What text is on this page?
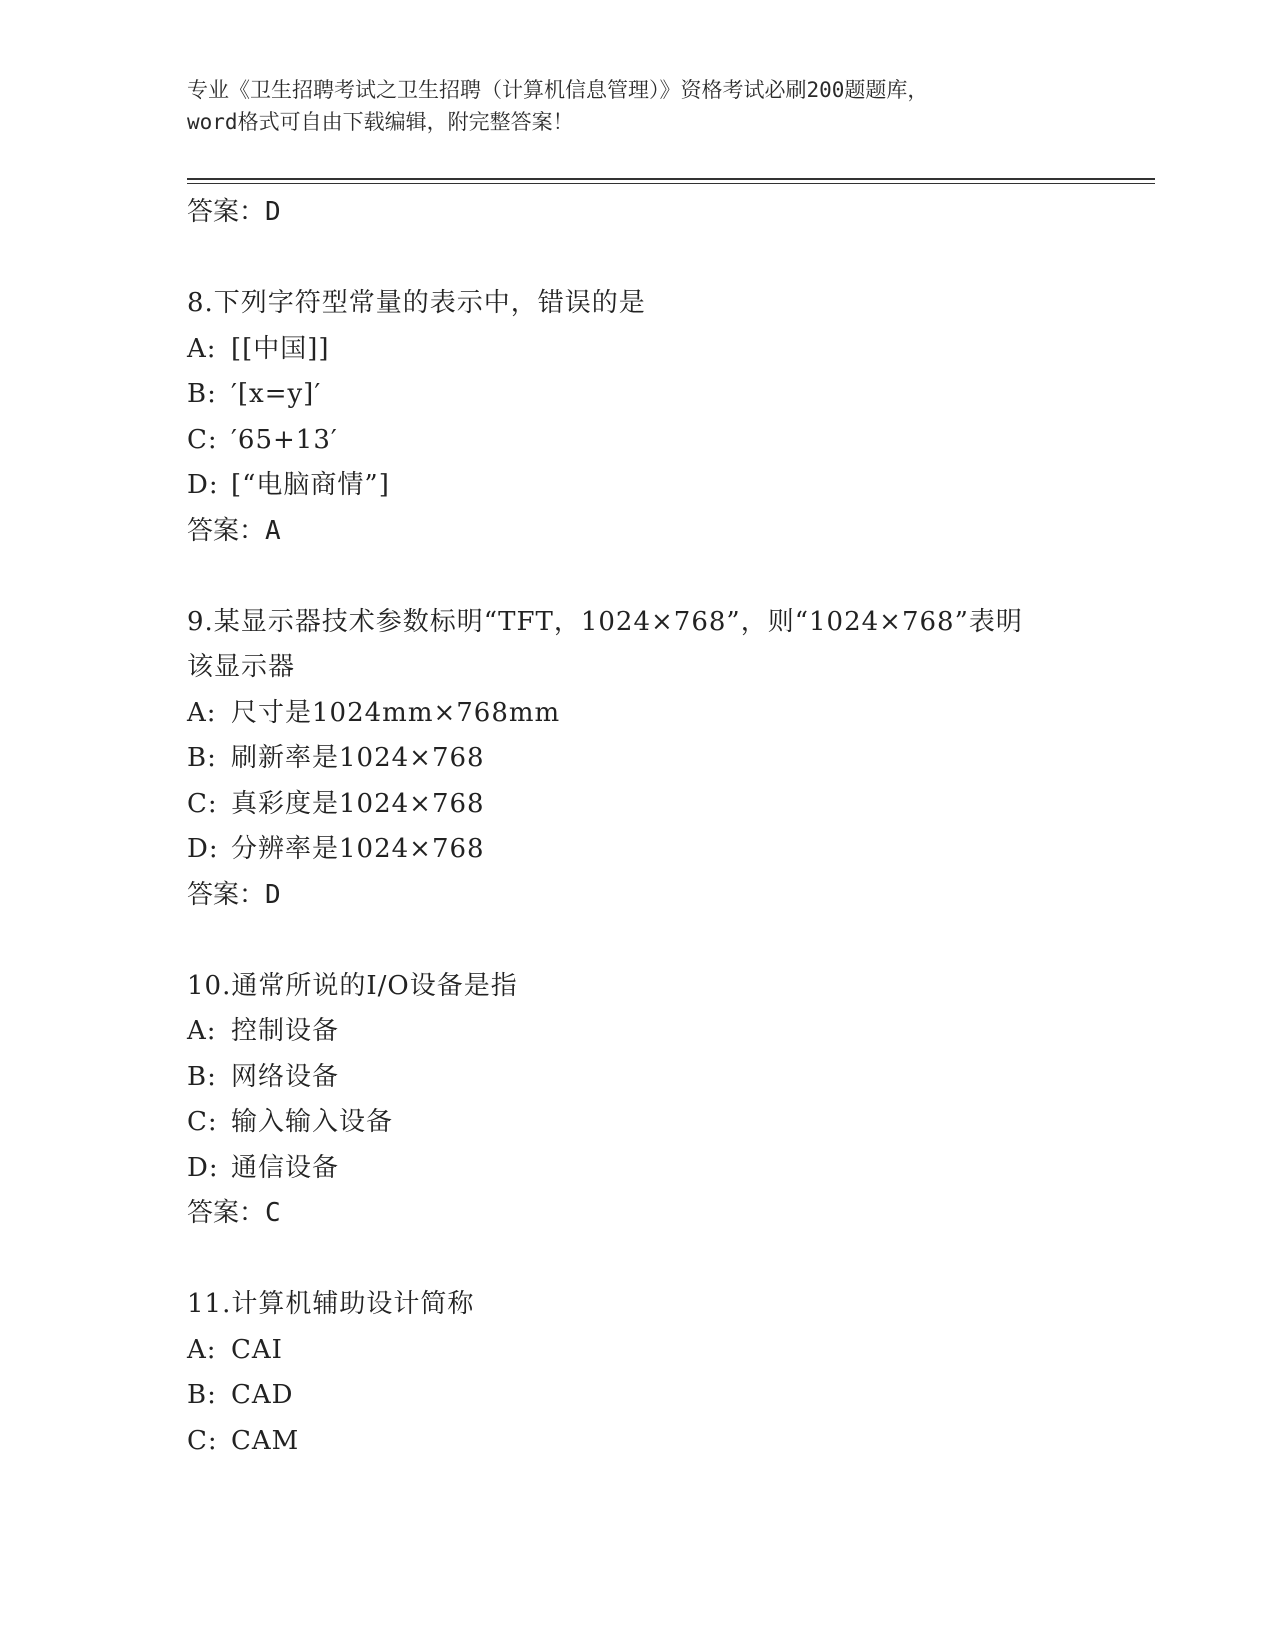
专业《卫生招聘考试之卫生招聘（计算机信息管理）》资格考试必刷200题题库，
word格式可自由下载编辑，附完整答案！
答案：D
8.下列字符型常量的表示中，错误的是
A: [[中国]]
B: ′[x=y]′
C: ′65+13′
D: [“电脑商情”]
答案：A
9.某显示器技术参数标明“TFT，1024×768”，则“1024×768”表明
该显示器
A: 尺寸是1024mm×768mm
B: 刷新率是1024×768
C: 真彩度是1024×768
D: 分辨率是1024×768
答案：D
10.通常所说的I/O设备是指
A: 控制设备
B: 网络设备
C: 输入输入设备
D: 通信设备
答案：C
11.计算机辅助设计简称
A: CAI
B: CAD
C: CAM
